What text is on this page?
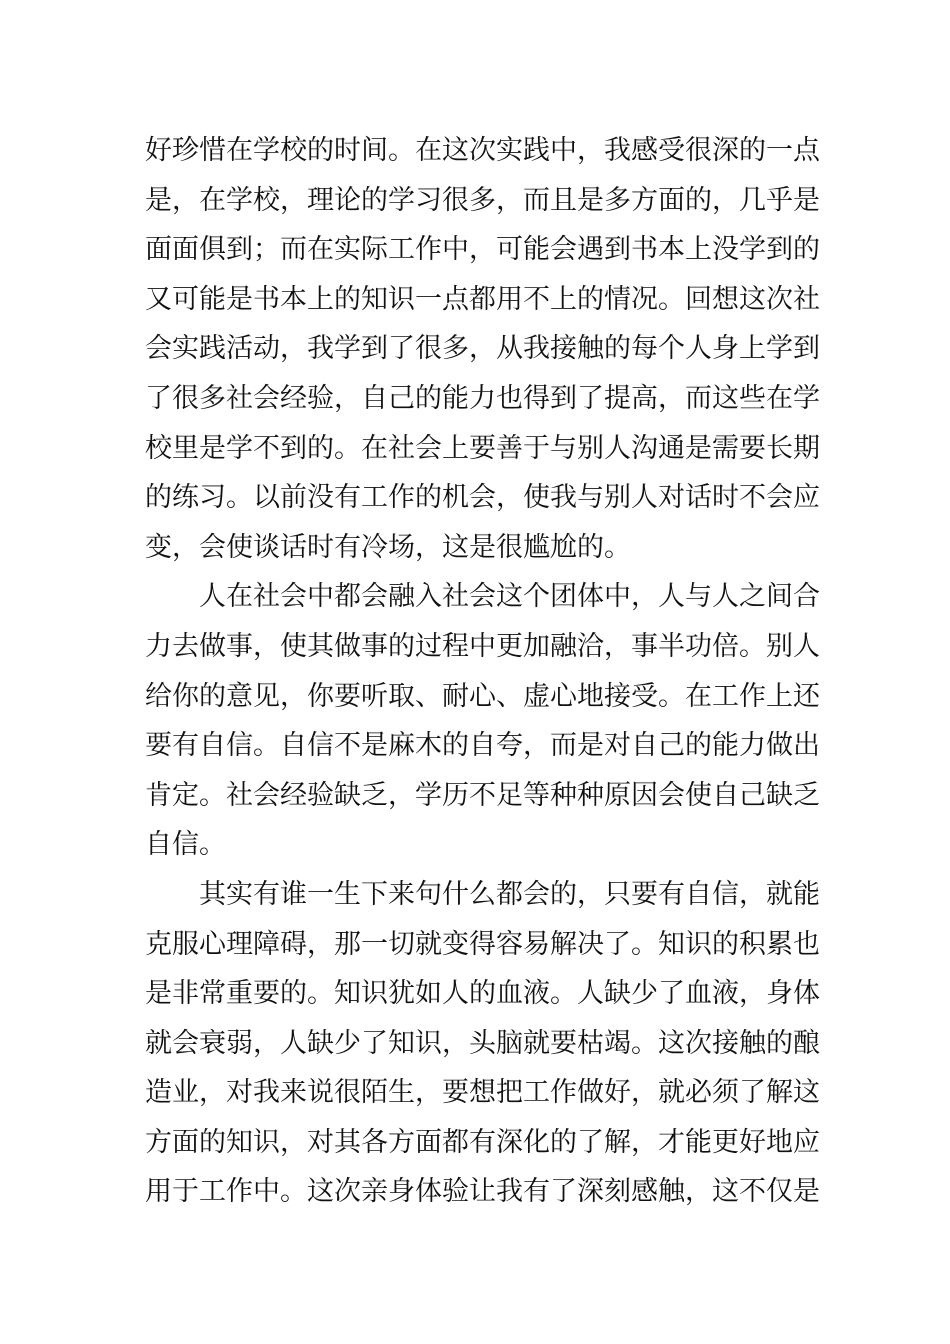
好珍惜在学校的时间。在这次实践中，我感受很深的一点
是，在学校，理论的学习很多，而且是多方面的，几乎是
面面俱到；而在实际工作中，可能会遇到书本上没学到的
又可能是书本上的知识一点都用不上的情况。回想这次社
会实践活动，我学到了很多，从我接触的每个人身上学到
了很多社会经验，自己的能力也得到了提高，而这些在学
校里是学不到的。在社会上要善于与别人沟通是需要长期
的练习。以前没有工作的机会，使我与别人对话时不会应
变，会使谈话时有冷场，这是很尴尬的。
人在社会中都会融入社会这个团体中，人与人之间合
力去做事，使其做事的过程中更加融洽，事半功倍。别人
给你的意见，你要听取、耐心、虚心地接受。在工作上还
要有自信。自信不是麻木的自夸，而是对自己的能力做出
肯定。社会经验缺乏，学历不足等种种原因会使自己缺乏
自信。
其实有谁一生下来句什么都会的，只要有自信，就能
克服心理障碍，那一切就变得容易解决了。知识的积累也
是非常重要的。知识犹如人的血液。人缺少了血液，身体
就会衰弱，人缺少了知识，头脑就要枯竭。这次接触的酿
造业，对我来说很陌生，要想把工作做好，就必须了解这
方面的知识，对其各方面都有深化的了解，才能更好地应
用于工作中。这次亲身体验让我有了深刻感触，这不仅是
